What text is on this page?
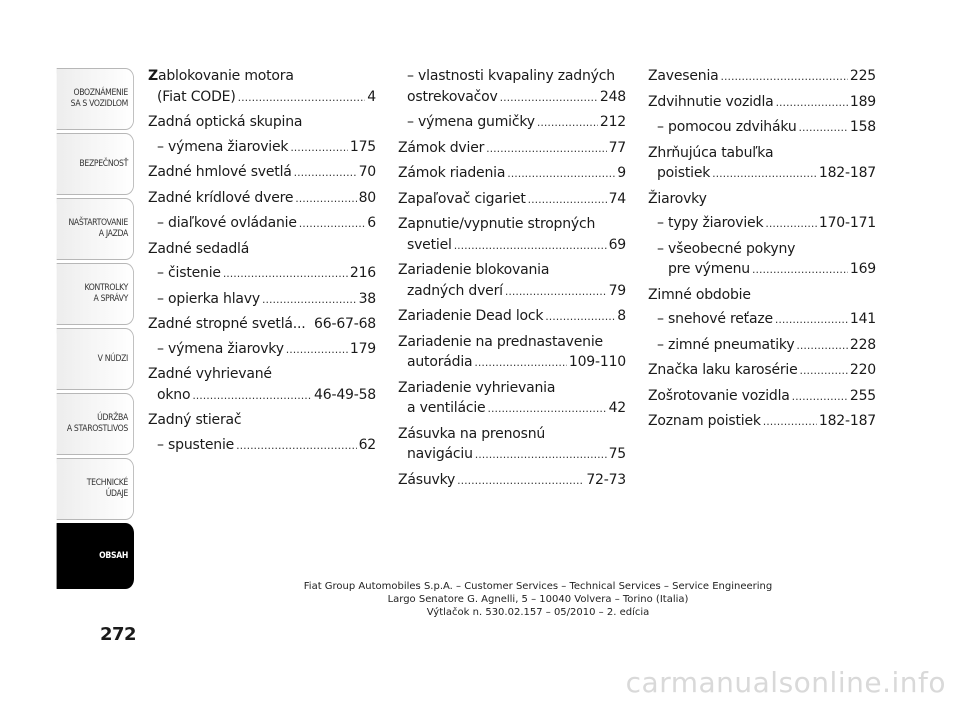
OBOZNÁMENIE
SA S VOZIDLOM
BEZPEČNOSŤ
NAŠTARTOVANIE
A JAZDA
KONTROLKY
A SPRÁVY
V NÚDZI
ÚDRŽBA
A STAROSTLIVOS
TECHNICKÉ
ÚDAJE
OBSAH
272
Zablokovanie motora
(Fiat CODE) .....	4
Zadná optická skupina
– výmena žiaroviek .....	175
Zadné hmlové svetlá .....	70
Zadné krídlové dvere .....	80
– diaľkové ovládanie .....	6
Zadné sedadlá
– čistenie .....	216
– opierka hlavy .....	38
Zadné stropné svetlá... 66-67-68
– výmena žiarovky .....	179
Zadné vyhrievané
okno .....	46-49-58
Zadný stierač
– spustenie .....	62
– vlastnosti kvapaliny zadných
ostrekovačov .....	248
– výmena gumičky .....	212
Zámok dvier .....	77
Zámok riadenia .....	9
Zapaľovač cigariet .....	74
Zapnutie/vypnutie stropných
svetiel .....	69
Zariadenie blokovania
zadných dverí .....	79
Zariadenie Dead lock .....	8
Zariadenie na prednastavenie
autorádia .....	109-110
Zariadenie vyhrievania
a ventilácie .....	42
Zásuvka na prenosnú
navigáciu .....	75
Zásuvky .....	72-73
Zavesenia .....	225
Zdvihnutie vozidla .....	189
– pomocou zdviháku .....	158
Zhrňujúca tabuľka
poistiek .....	182-187
Žiarovky
– typy žiaroviek .....	170-171
– všeobecné pokyny
pre výmenu .....	169
Zimné obdobie
– snehové reťaze .....	141
– zimné pneumatiky .....	228
Značka laku karosérie .....	220
Zošrotovanie vozidla .....	255
Zoznam poistiek .....	182-187
Fiat Group Automobiles S.p.A. – Customer Services – Technical Services – Service Engineering
Largo Senatore G. Agnelli, 5 – 10040 Volvera – Torino (Italia)
Výtlačok n. 530.02.157 – 05/2010 – 2. edícia
carmanualsonline.info
